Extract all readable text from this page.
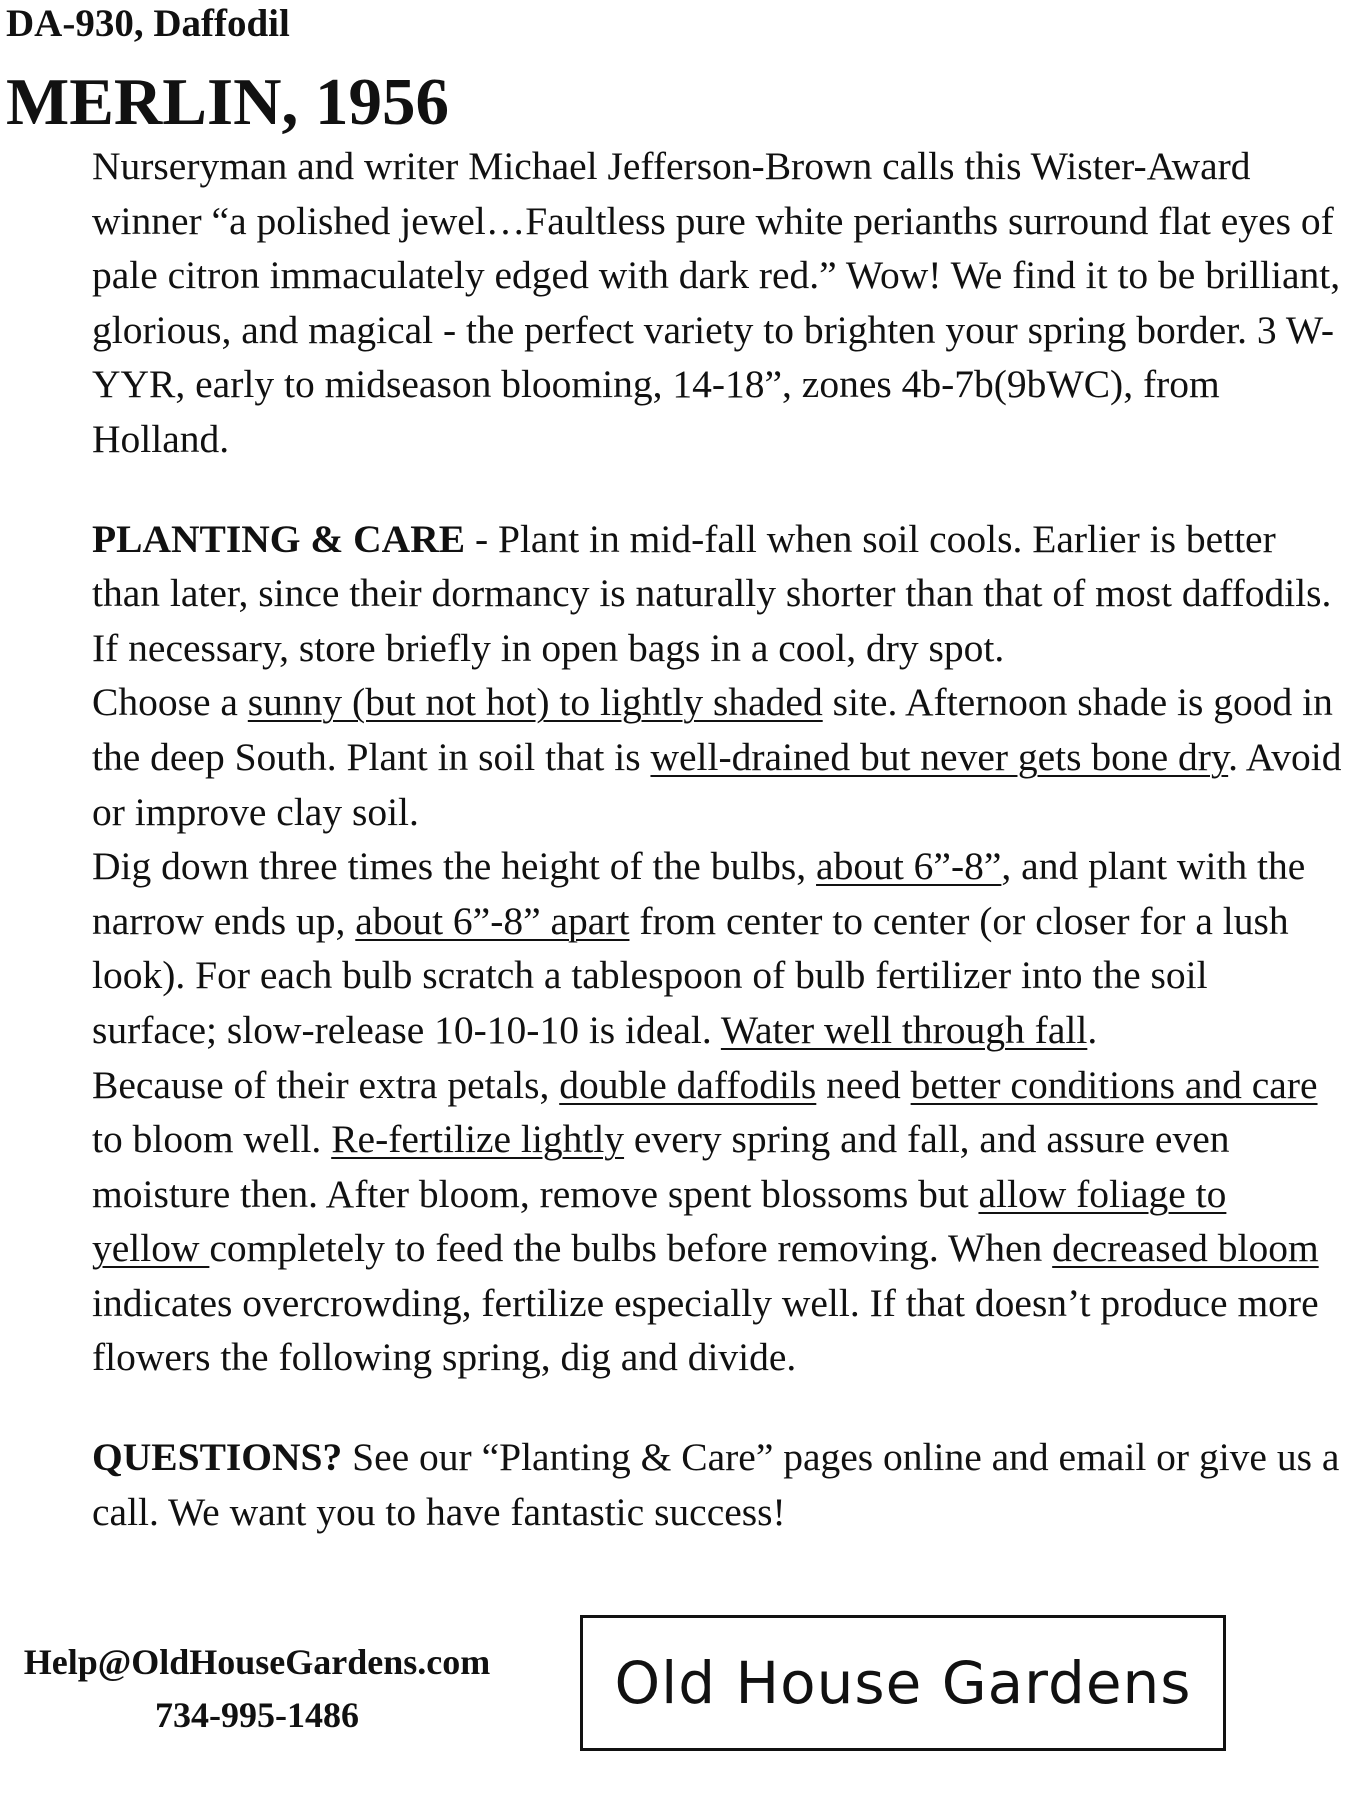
DA-930, Daffodil
MERLIN, 1956

Nurseryman and writer Michael Jefferson-Brown calls this Wister-Award winner “a polished jewel…Faultless pure white perianths surround flat eyes of pale citron immaculately edged with dark red.” Wow! We find it to be brilliant, glorious, and magical - the perfect variety to brighten your spring border. 3 W-YYR, early to midseason blooming, 14-18”, zones 4b-7b(9bWC), from Holland.

PLANTING & CARE - Plant in mid-fall when soil cools. Earlier is better than later, since their dormancy is naturally shorter than that of most daffodils. If necessary, store briefly in open bags in a cool, dry spot.

Choose a sunny (but not hot) to lightly shaded site. Afternoon shade is good in the deep South. Plant in soil that is well-drained but never gets bone dry. Avoid or improve clay soil.

Dig down three times the height of the bulbs, about 6”-8”, and plant with the narrow ends up, about 6”-8” apart from center to center (or closer for a lush look). For each bulb scratch a tablespoon of bulb fertilizer into the soil surface; slow-release 10-10-10 is ideal. Water well through fall.

Because of their extra petals, double daffodils need better conditions and care to bloom well. Re-fertilize lightly every spring and fall, and assure even moisture then. After bloom, remove spent blossoms but allow foliage to yellow completely to feed the bulbs before removing. When decreased bloom indicates overcrowding, fertilize especially well. If that doesn’t produce more flowers the following spring, dig and divide.

QUESTIONS? See our “Planting & Care” pages online and email or give us a call. We want you to have fantastic success!

Help@OldHouseGardens.com
734-995-1486	Old House Gardens
